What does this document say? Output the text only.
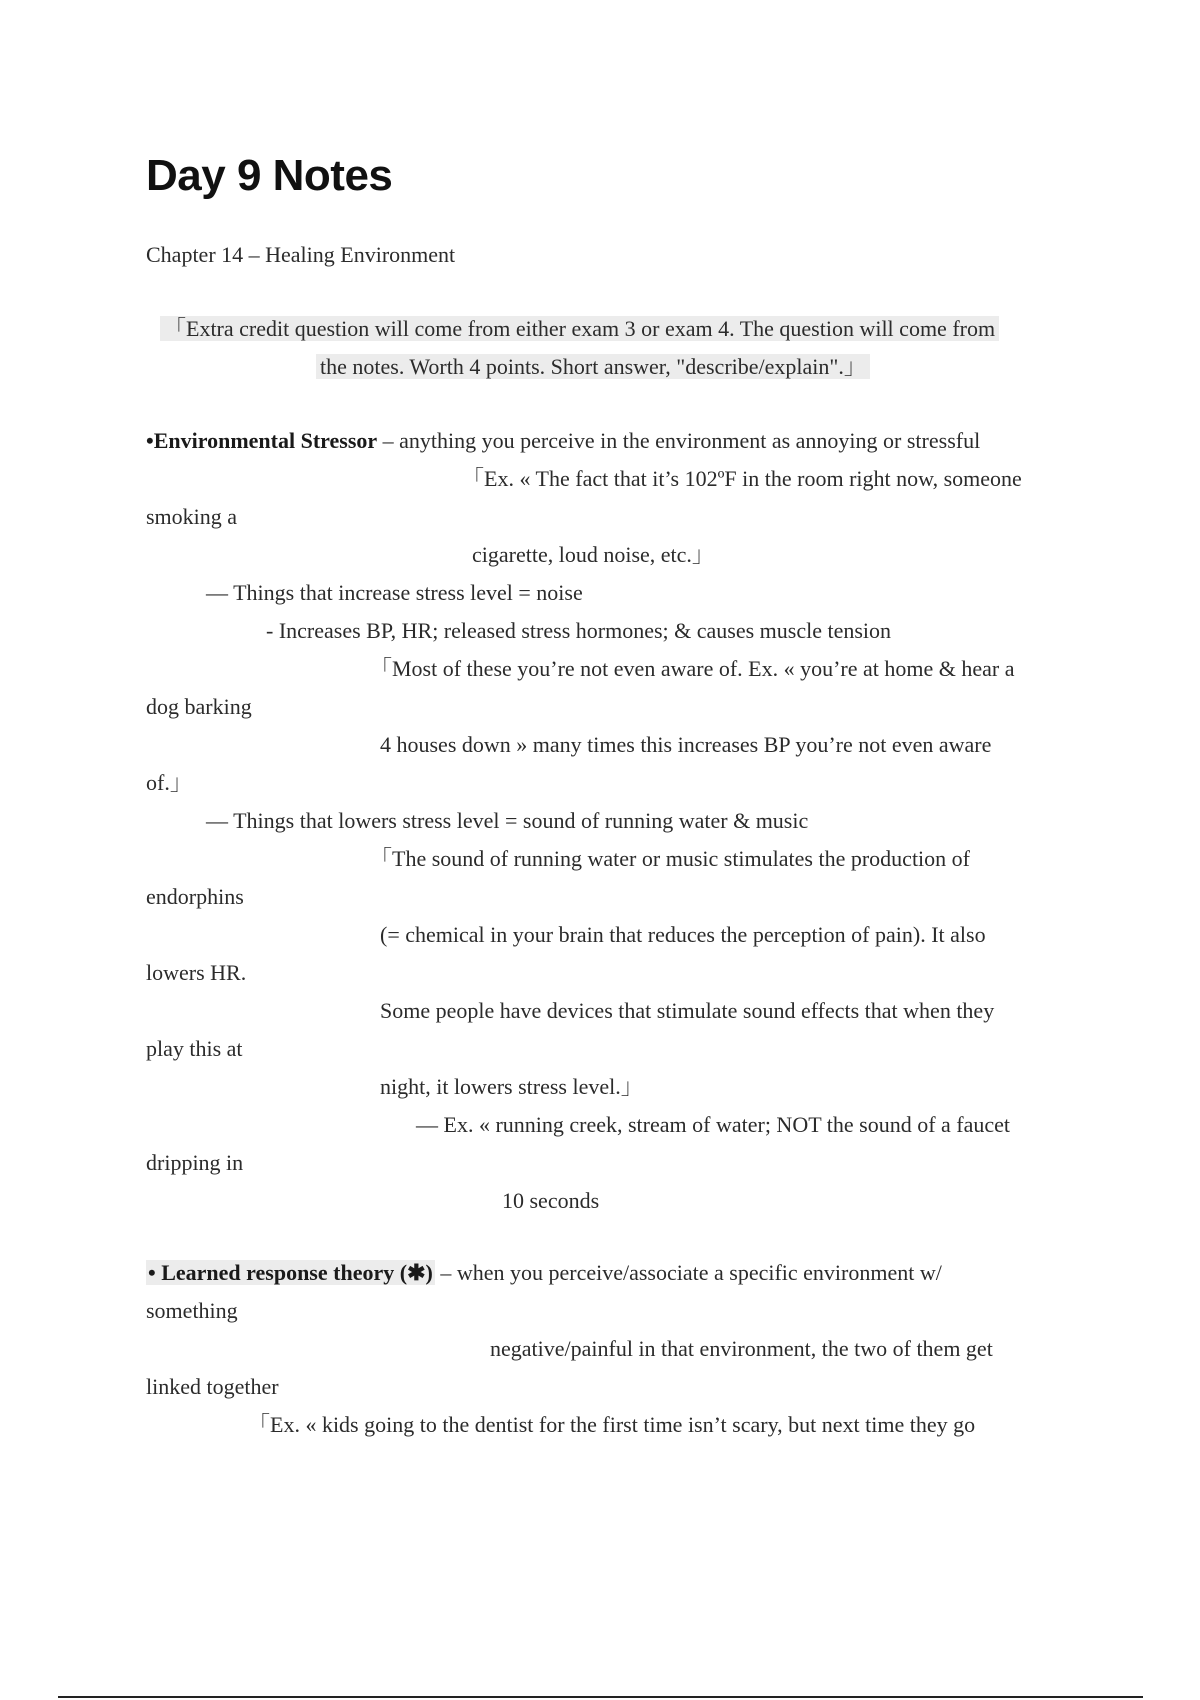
Day 9 Notes
Chapter 14 – Healing Environment
「Extra credit question will come from either exam 3 or exam 4. The question will come from
the notes. Worth 4 points. Short answer, "describe/explain".」
•Environmental Stressor – anything you perceive in the environment as annoying or stressful
「Ex. « The fact that it’s 102ºF in the room right now, someone
smoking a
cigarette, loud noise, etc.」
— Things that increase stress level = noise
- Increases BP, HR; released stress hormones; & causes muscle tension
「Most of these you’re not even aware of. Ex. « you’re at home & hear a
dog barking
4 houses down » many times this increases BP you’re not even aware
of.」
— Things that lowers stress level = sound of running water & music
「The sound of running water or music stimulates the production of
endorphins
(= chemical in your brain that reduces the perception of pain). It also
lowers HR.
Some people have devices that stimulate sound effects that when they
play this at
night, it lowers stress level.」
— Ex. « running creek, stream of water; NOT the sound of a faucet
dripping in
10 seconds
• Learned response theory (✱) – when you perceive/associate a specific environment w/
something
negative/painful in that environment, the two of them get
linked together
「Ex. « kids going to the dentist for the first time isn’t scary, but next time they go
